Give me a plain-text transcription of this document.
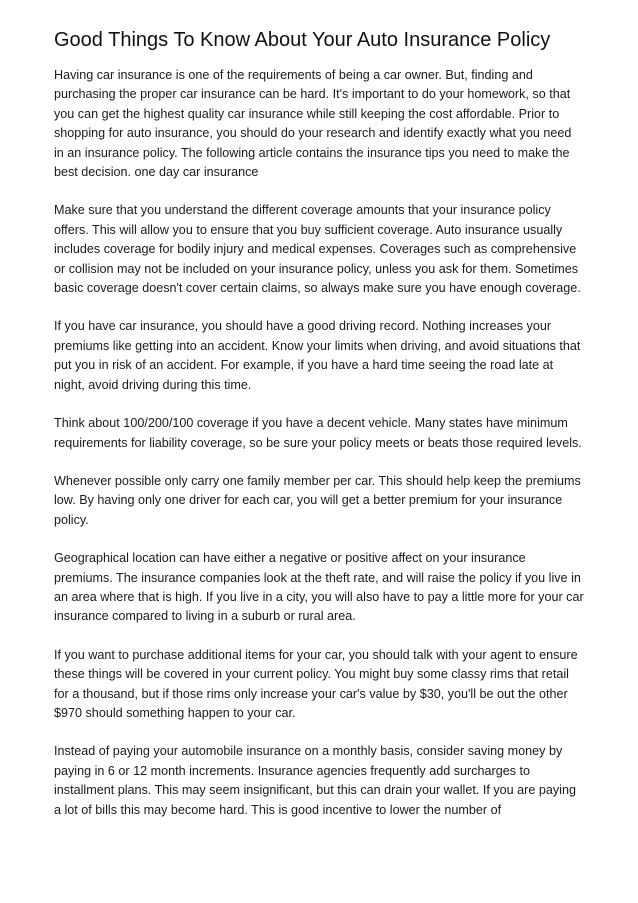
Good Things To Know About Your Auto Insurance Policy

Having car insurance is one of the requirements of being a car owner. But, finding and purchasing the proper car insurance can be hard. It's important to do your homework, so that you can get the highest quality car insurance while still keeping the cost affordable. Prior to shopping for auto insurance, you should do your research and identify exactly what you need in an insurance policy. The following article contains the insurance tips you need to make the best decision. one day car insurance

Make sure that you understand the different coverage amounts that your insurance policy offers. This will allow you to ensure that you buy sufficient coverage. Auto insurance usually includes coverage for bodily injury and medical expenses. Coverages such as comprehensive or collision may not be included on your insurance policy, unless you ask for them. Sometimes basic coverage doesn't cover certain claims, so always make sure you have enough coverage.

If you have car insurance, you should have a good driving record. Nothing increases your premiums like getting into an accident. Know your limits when driving, and avoid situations that put you in risk of an accident. For example, if you have a hard time seeing the road late at night, avoid driving during this time.

Think about 100/200/100 coverage if you have a decent vehicle. Many states have minimum requirements for liability coverage, so be sure your policy meets or beats those required levels.

Whenever possible only carry one family member per car. This should help keep the premiums low. By having only one driver for each car, you will get a better premium for your insurance policy.

Geographical location can have either a negative or positive affect on your insurance premiums. The insurance companies look at the theft rate, and will raise the policy if you live in an area where that is high. If you live in a city, you will also have to pay a little more for your car insurance compared to living in a suburb or rural area.

If you want to purchase additional items for your car, you should talk with your agent to ensure these things will be covered in your current policy. You might buy some classy rims that retail for a thousand, but if those rims only increase your car's value by $30, you'll be out the other $970 should something happen to your car.

Instead of paying your automobile insurance on a monthly basis, consider saving money by paying in 6 or 12 month increments. Insurance agencies frequently add surcharges to installment plans. This may seem insignificant, but this can drain your wallet. If you are paying a lot of bills this may become hard. This is good incentive to lower the number of
